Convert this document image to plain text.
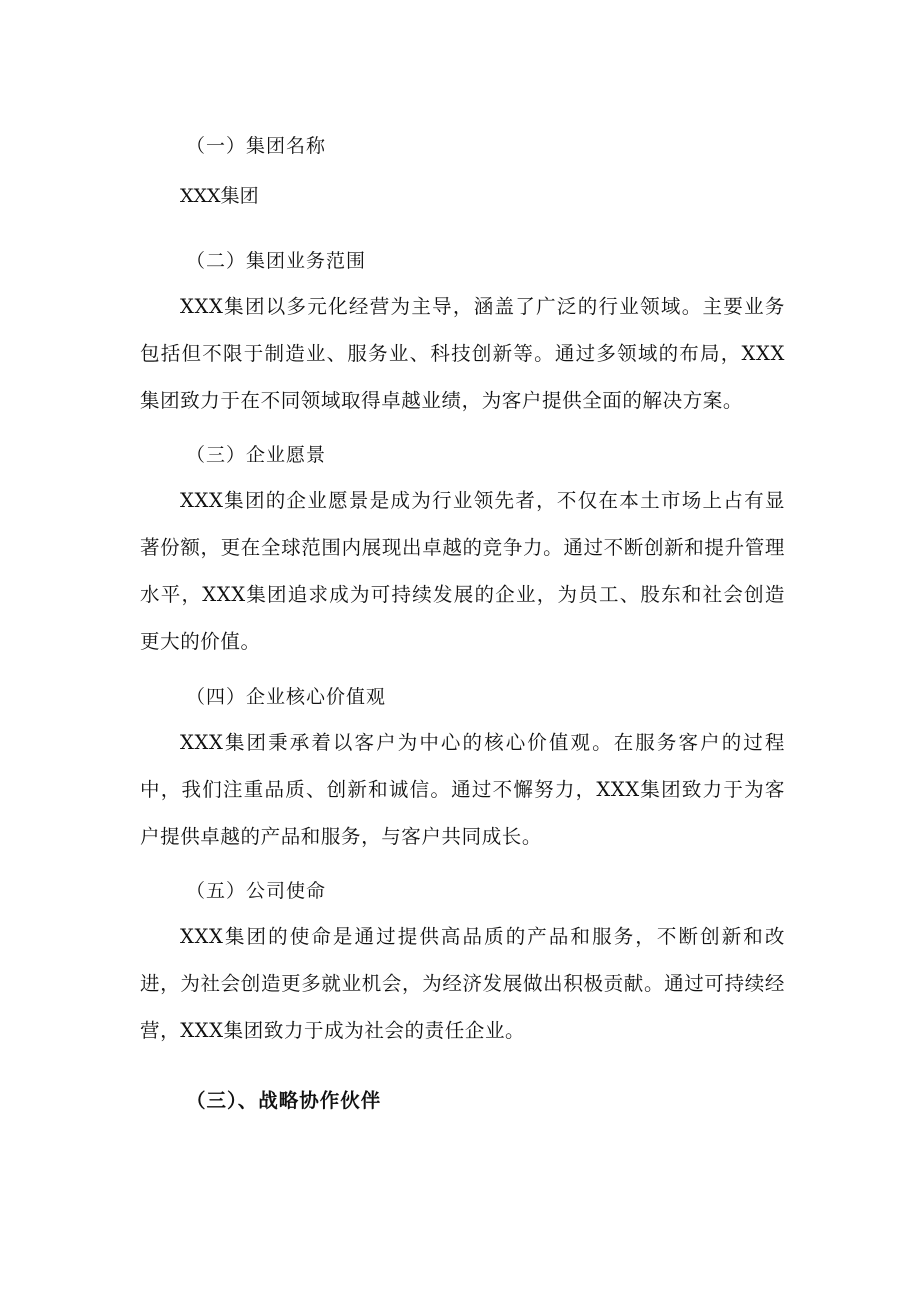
（一）集团名称
XXX集团
（二）集团业务范围

XXX集团以多元化经营为主导，涵盖了广泛的行业领域。主要业务包括但不限于制造业、服务业、科技创新等。通过多领域的布局，XXX集团致力于在不同领域取得卓越业绩，为客户提供全面的解决方案。

（三）企业愿景

XXX集团的企业愿景是成为行业领先者，不仅在本土市场上占有显著份额，更在全球范围内展现出卓越的竞争力。通过不断创新和提升管理水平，XXX集团追求成为可持续发展的企业，为员工、股东和社会创造更大的价值。

（四）企业核心价值观

XXX集团秉承着以客户为中心的核心价值观。在服务客户的过程中，我们注重品质、创新和诚信。通过不懈努力，XXX集团致力于为客户提供卓越的产品和服务，与客户共同成长。

（五）公司使命

XXX集团的使命是通过提供高品质的产品和服务，不断创新和改进，为社会创造更多就业机会，为经济发展做出积极贡献。通过可持续经营，XXX集团致力于成为社会的责任企业。

（三）、战略协作伙伴
